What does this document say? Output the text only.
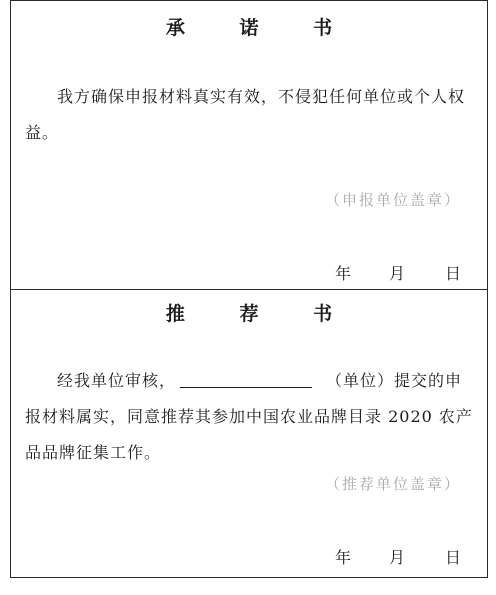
承 诺 书
我方确保申报材料真实有效，不侵犯任何单位或个人权益。
（申报单位盖章）
年 月 日
推 荐 书
经我单位审核，	（单位）提交的申报材料属实，同意推荐其参加中国农业品牌目录 2020 农产品品牌征集工作。
（推荐单位盖章）
年 月 日
